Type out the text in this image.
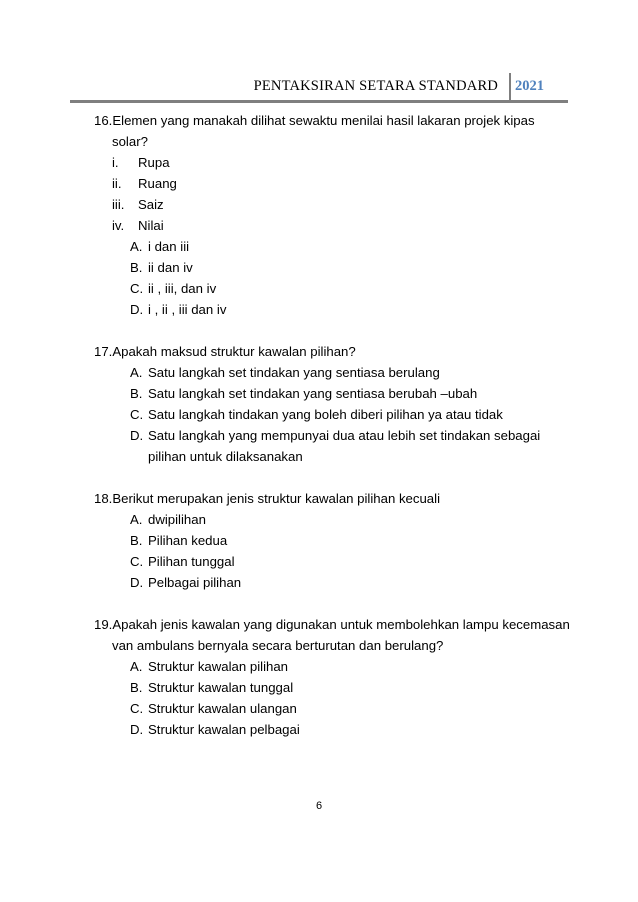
PENTAKSIRAN SETARA STANDARD 2021
16.Elemen yang manakah dilihat sewaktu menilai hasil lakaran projek kipas solar?
i.	Rupa
ii.	Ruang
iii.	Saiz
iv.	Nilai
A. i dan iii
B. ii dan iv
C. ii , iii, dan iv
D. i , ii , iii dan iv
17.Apakah maksud struktur kawalan pilihan?
A. Satu langkah set tindakan yang sentiasa berulang
B. Satu langkah set tindakan yang sentiasa berubah –ubah
C. Satu langkah tindakan yang boleh diberi pilihan ya atau tidak
D. Satu langkah yang mempunyai dua atau lebih set tindakan sebagai pilihan untuk dilaksanakan
18.Berikut merupakan jenis struktur kawalan pilihan kecuali
A. dwipilihan
B. Pilihan kedua
C. Pilihan tunggal
D. Pelbagai pilihan
19.Apakah jenis kawalan yang digunakan untuk membolehkan lampu kecemasan van ambulans bernyala secara berturutan dan berulang?
A. Struktur kawalan pilihan
B. Struktur kawalan tunggal
C. Struktur kawalan ulangan
D. Struktur kawalan pelbagai
6
